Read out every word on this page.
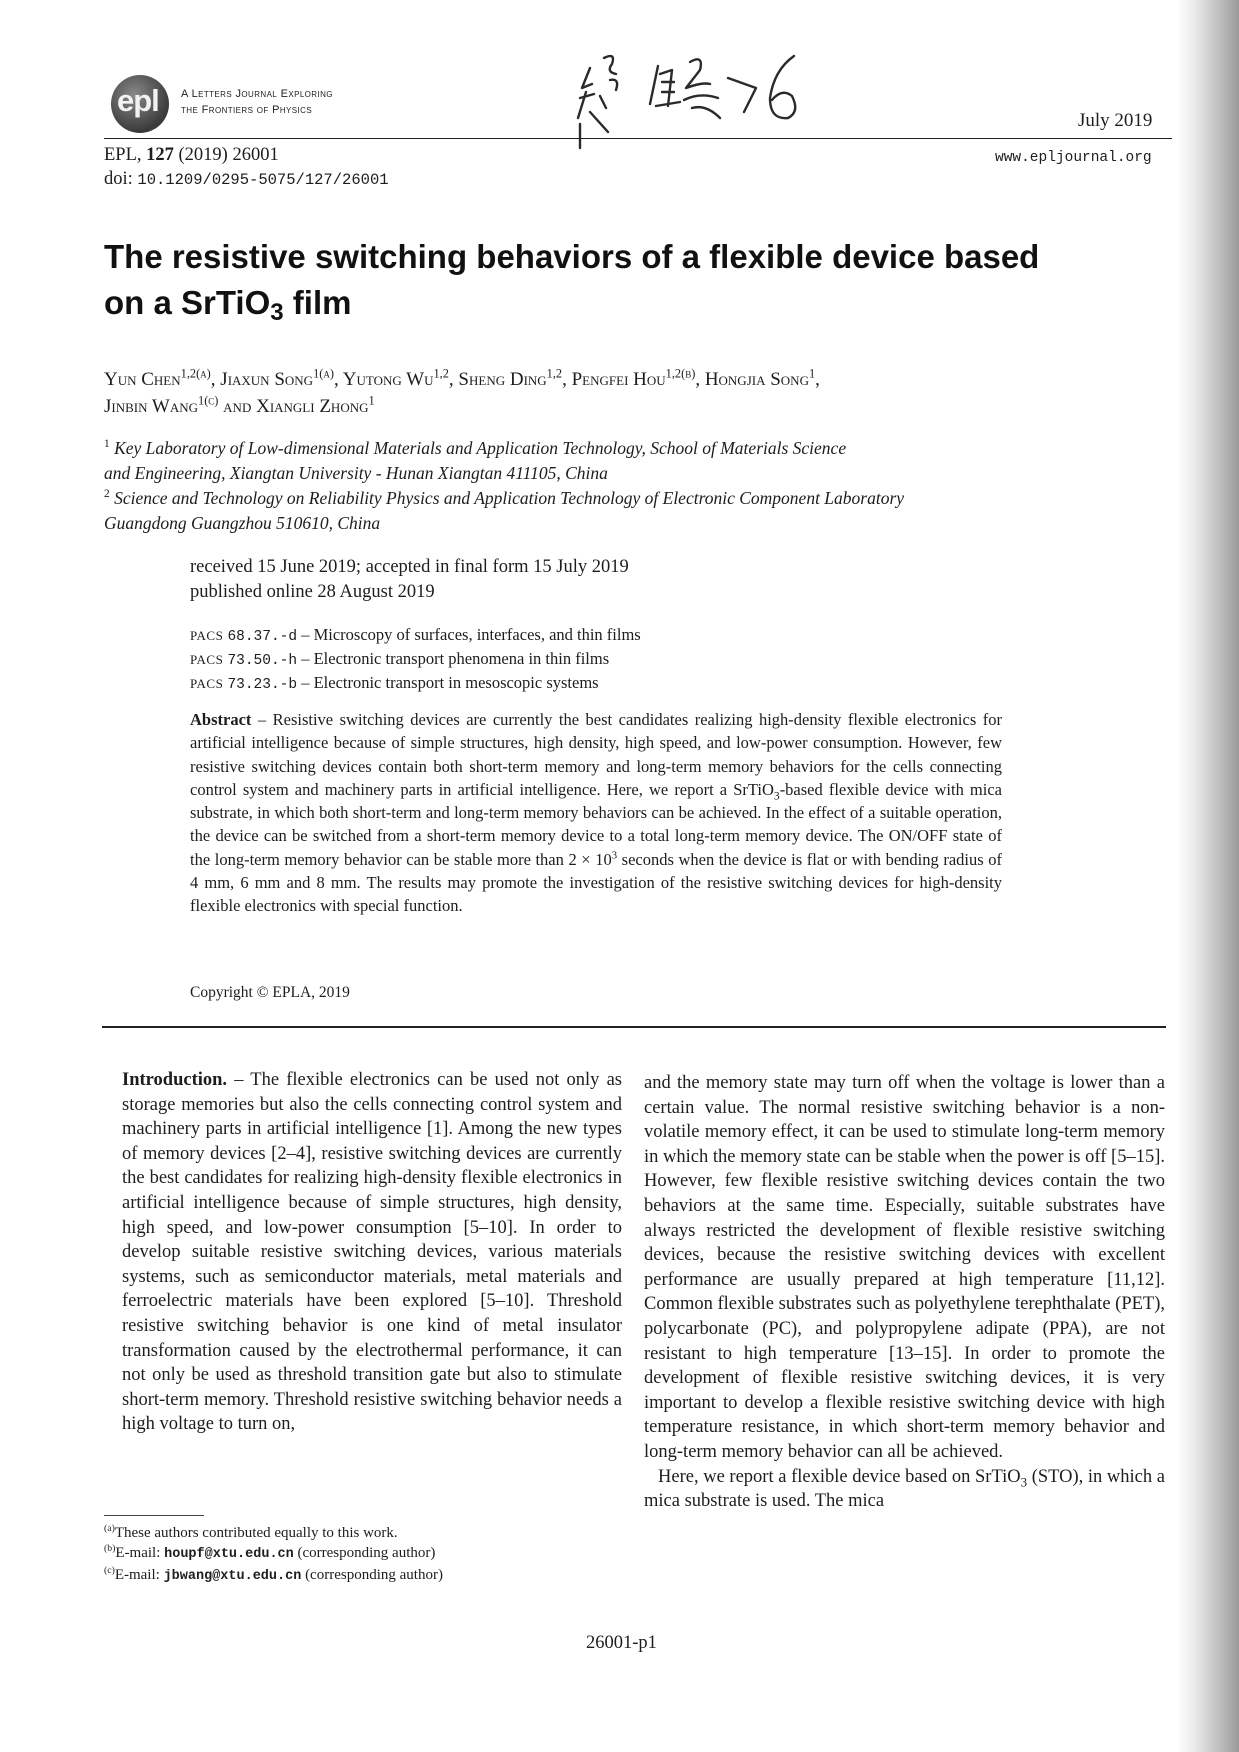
epl A Letters Journal Exploring
the Frontiers of Physics	July 2019
EPL, 127 (2019) 26001
doi: 10.1209/0295-5075/127/26001
www.epljournal.org
The resistive switching behaviors of a flexible device based
on a SrTiO$_3$ film
Yun Chen$^{1,2(a)}$, Jiaxun Song$^{1(a)}$, Yutong Wu$^{1,2}$, Sheng Ding$^{1,2}$, Pengfei Hou$^{1,2(b)}$, Hongjia Song$^1$,
Jinbin Wang$^{1(c)}$ and Xiangli Zhong$^1$
$^1$ Key Laboratory of Low-dimensional Materials and Application Technology, School of Materials Science
and Engineering, Xiangtan University - Hunan Xiangtan 411105, China
$^2$ Science and Technology on Reliability Physics and Application Technology of Electronic Component Laboratory
Guangdong Guangzhou 510610, China
received 15 June 2019; accepted in final form 15 July 2019
published online 28 August 2019
PACS 68.37.-d – Microscopy of surfaces, interfaces, and thin films
PACS 73.50.-h – Electronic transport phenomena in thin films
PACS 73.23.-b – Electronic transport in mesoscopic systems
Abstract – Resistive switching devices are currently the best candidates realizing high-density flexible electronics for artificial intelligence because of simple structures, high density, high speed, and low-power consumption. However, few resistive switching devices contain both short-term memory and long-term memory behaviors for the cells connecting control system and machinery parts in artificial intelligence. Here, we report a SrTiO$_3$-based flexible device with mica substrate, in which both short-term and long-term memory behaviors can be achieved. In the effect of a suitable operation, the device can be switched from a short-term memory device to a total long-term memory device. The ON/OFF state of the long-term memory behavior can be stable more than $2 \times 10^3$ seconds when the device is flat or with bending radius of 4 mm, 6 mm and 8 mm. The results may promote the investigation of the resistive switching devices for high-density flexible electronics with special function.
Copyright © EPLA, 2019
Introduction. – The flexible electronics can be used not only as storage memories but also the cells connecting control system and machinery parts in artificial intelligence [1]. Among the new types of memory devices [2–4], resistive switching devices are currently the best candidates for realizing high-density flexible electronics in artificial intelligence because of simple structures, high density, high speed, and low-power consumption [5–10]. In order to develop suitable resistive switching devices, various materials systems, such as semiconductor materials, metal materials and ferroelectric materials have been explored [5–10]. Threshold resistive switching behavior is one kind of metal insulator transformation caused by the electrothermal performance, it can not only be used as threshold transition gate but also to stimulate short-term memory. Threshold resistive switching behavior needs a high voltage to turn on,
and the memory state may turn off when the voltage is lower than a certain value. The normal resistive switching behavior is a non-volatile memory effect, it can be used to stimulate long-term memory in which the memory state can be stable when the power is off [5–15]. However, few flexible resistive switching devices contain the two behaviors at the same time. Especially, suitable substrates have always restricted the development of flexible resistive switching devices, because the resistive switching devices with excellent performance are usually prepared at high temperature [11,12]. Common flexible substrates such as polyethylene terephthalate (PET), polycarbonate (PC), and polypropylene adipate (PPA), are not resistant to high temperature [13–15]. In order to promote the development of flexible resistive switching devices, it is very important to develop a flexible resistive switching device with high temperature resistance, in which short-term memory behavior and long-term memory behavior can all be achieved.
Here, we report a flexible device based on SrTiO$_3$ (STO), in which a mica substrate is used. The mica
$^{(a)}$These authors contributed equally to this work.
$^{(b)}$E-mail: houpf@xtu.edu.cn (corresponding author)
$^{(c)}$E-mail: jbwang@xtu.edu.cn (corresponding author)
26001-p1
